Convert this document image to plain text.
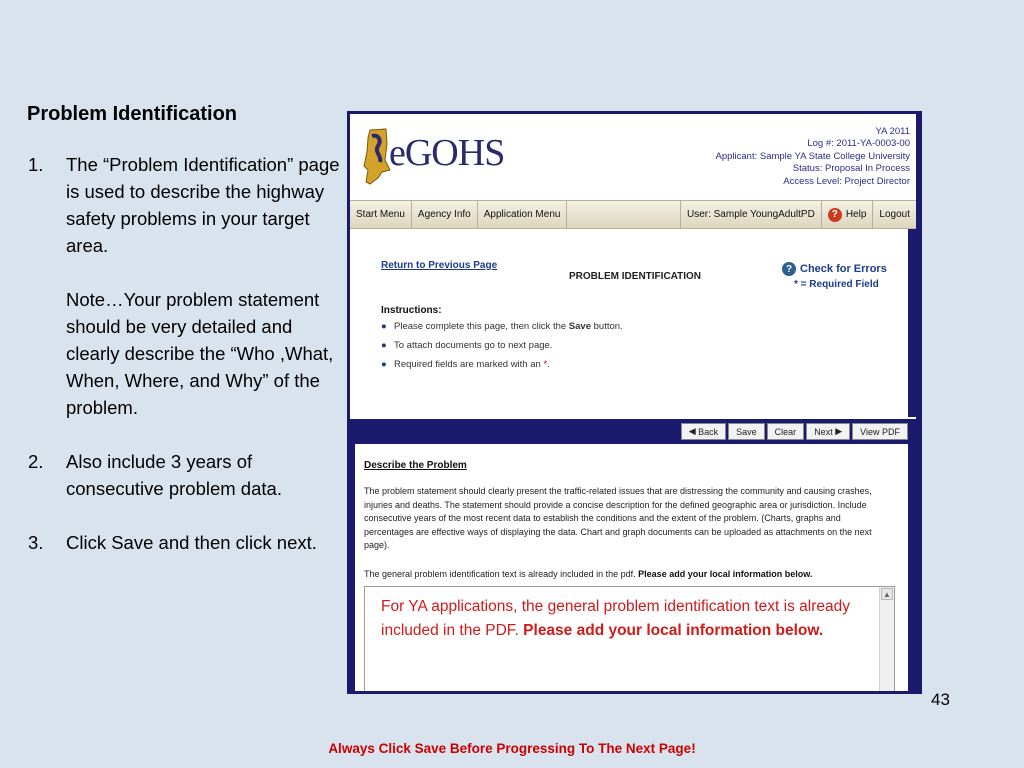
Problem Identification
1.	The “Problem Identification” page is used to describe the highway safety problems in your target area.

Note…Your problem statement should be very detailed and clearly describe the “Who ,What, When, Where, and Why” of the problem.

2.	Also include 3 years of consecutive problem data.

3.	Click Save and then click next.

43
Always Click Save Before Progressing To The Next Page!
eGOHS
YA 2011
Log #: 2011-YA-0003-00
Applicant: Sample YA State College University
Status: Proposal In Process
Access Level: Project Director
Start Menu	Agency Info	Application Menu	User: Sample YoungAdultPD	? Help	Logout
Return to Previous Page
PROBLEM IDENTIFICATION
? Check for Errors
* = Required Field
Instructions:
● Please complete this page, then click the Save button.
● To attach documents go to next page.
● Required fields are marked with an *.
◀
Back	Save	Clear	Next
▶	View PDF
Describe the Problem
The problem statement should clearly present the traffic-related issues that are distressing the community and causing crashes, injuries and deaths. The statement should provide a concise description for the defined geographic area or jurisdiction. Include consecutive years of the most recent data to establish the conditions and the extent of the problem. (Charts, graphs and percentages are effective ways of displaying the data. Chart and graph documents can be uploaded as attachments on the next page).
The general problem identification text is already included in the pdf. Please add your local information below.
For YA applications, the general problem identification text is already included in the PDF. Please add your local information below.
▲
